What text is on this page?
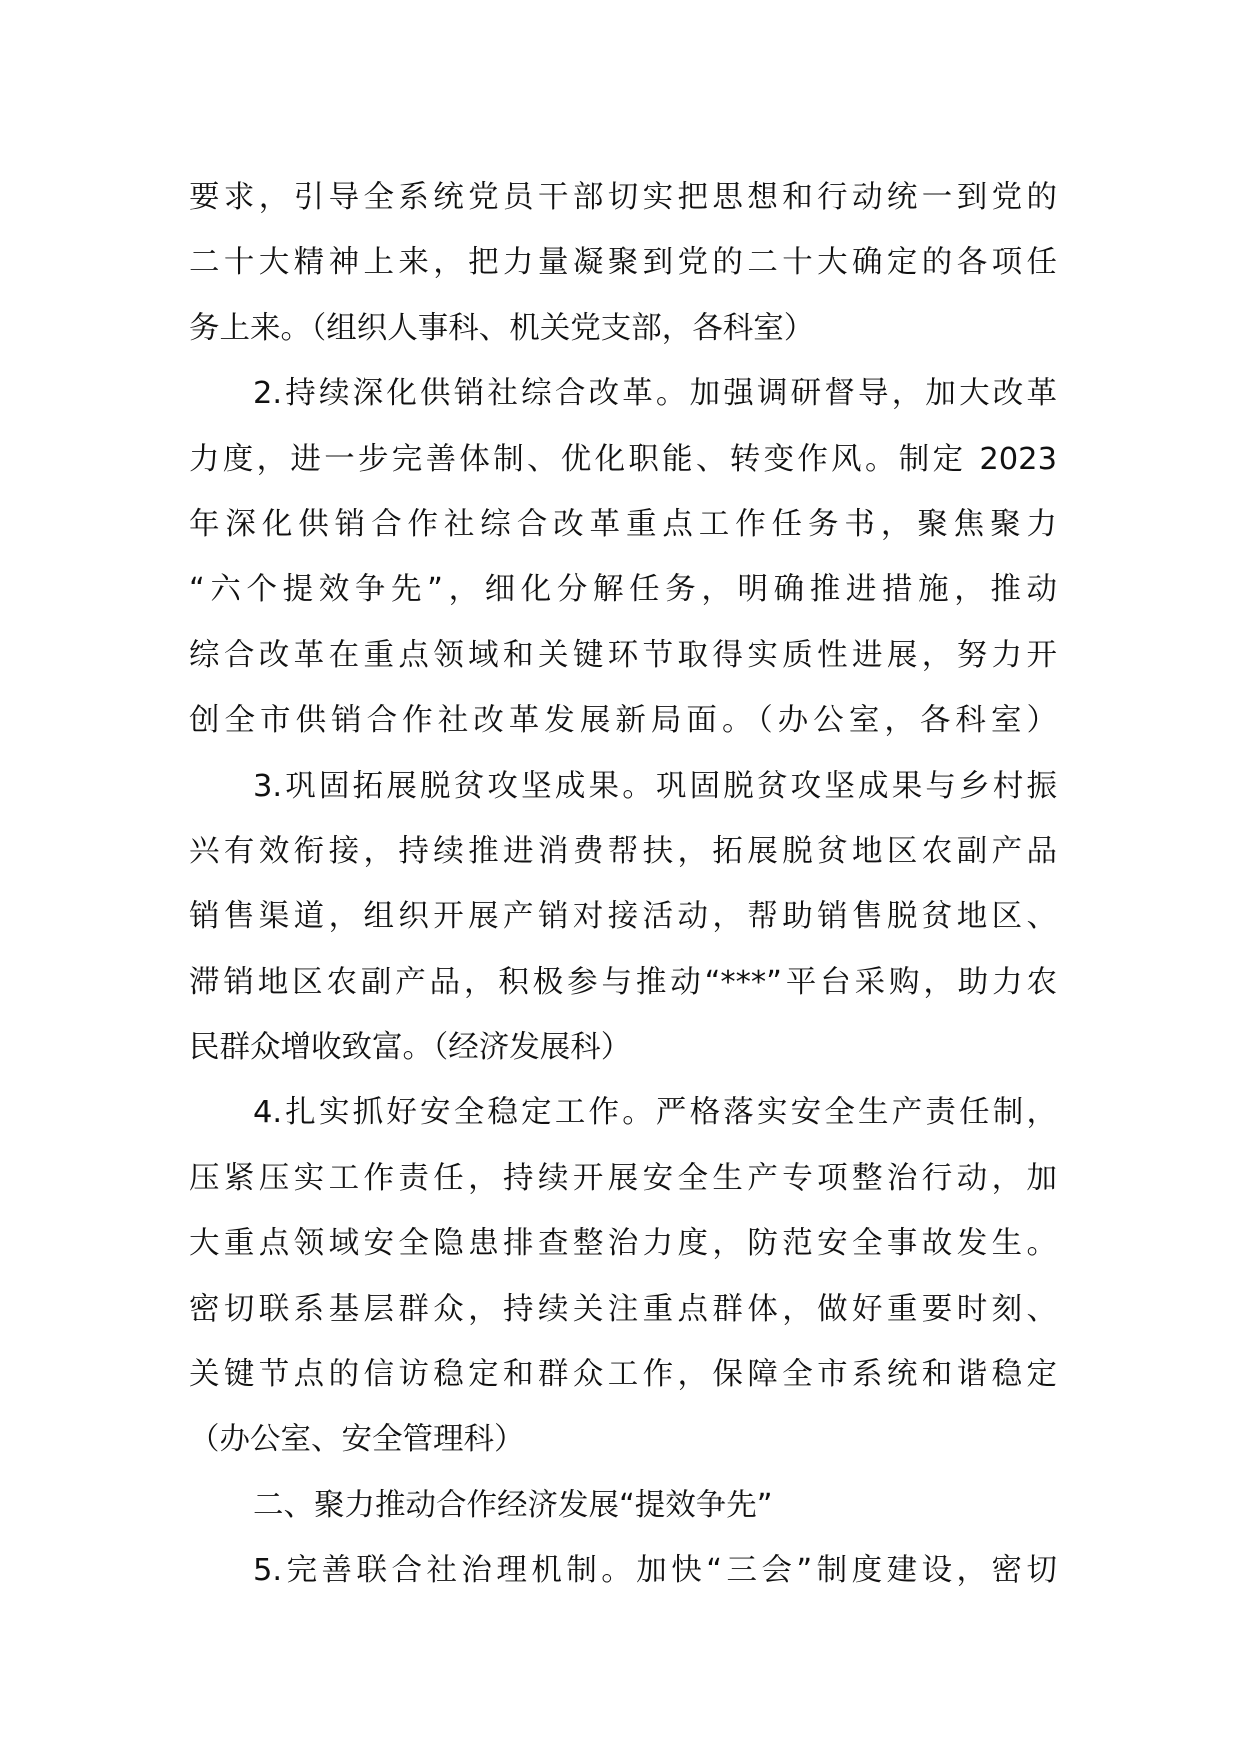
要求，引导全系统党员干部切实把思想和行动统一到党的
二十大精神上来，把力量凝聚到党的二十大确定的各项任
务上来。（组织人事科、机关党支部，各科室）
2.持续深化供销社综合改革。加强调研督导，加大改革
力度，进一步完善体制、优化职能、转变作风。制定 2023
年深化供销合作社综合改革重点工作任务书，聚焦聚力
“六个提效争先”，细化分解任务，明确推进措施，推动
综合改革在重点领域和关键环节取得实质性进展，努力开
创全市供销合作社改革发展新局面。（办公室，各科室）
3.巩固拓展脱贫攻坚成果。巩固脱贫攻坚成果与乡村振
兴有效衔接，持续推进消费帮扶，拓展脱贫地区农副产品
销售渠道，组织开展产销对接活动，帮助销售脱贫地区、
滞销地区农副产品，积极参与推动“***”平台采购，助力农
民群众增收致富。（经济发展科）
4.扎实抓好安全稳定工作。严格落实安全生产责任制，
压紧压实工作责任，持续开展安全生产专项整治行动，加
大重点领域安全隐患排查整治力度，防范安全事故发生。
密切联系基层群众，持续关注重点群体，做好重要时刻、
关键节点的信访稳定和群众工作，保障全市系统和谐稳定
（办公室、安全管理科）
二、聚力推动合作经济发展“提效争先”
5.完善联合社治理机制。加快“三会”制度建设，密切
